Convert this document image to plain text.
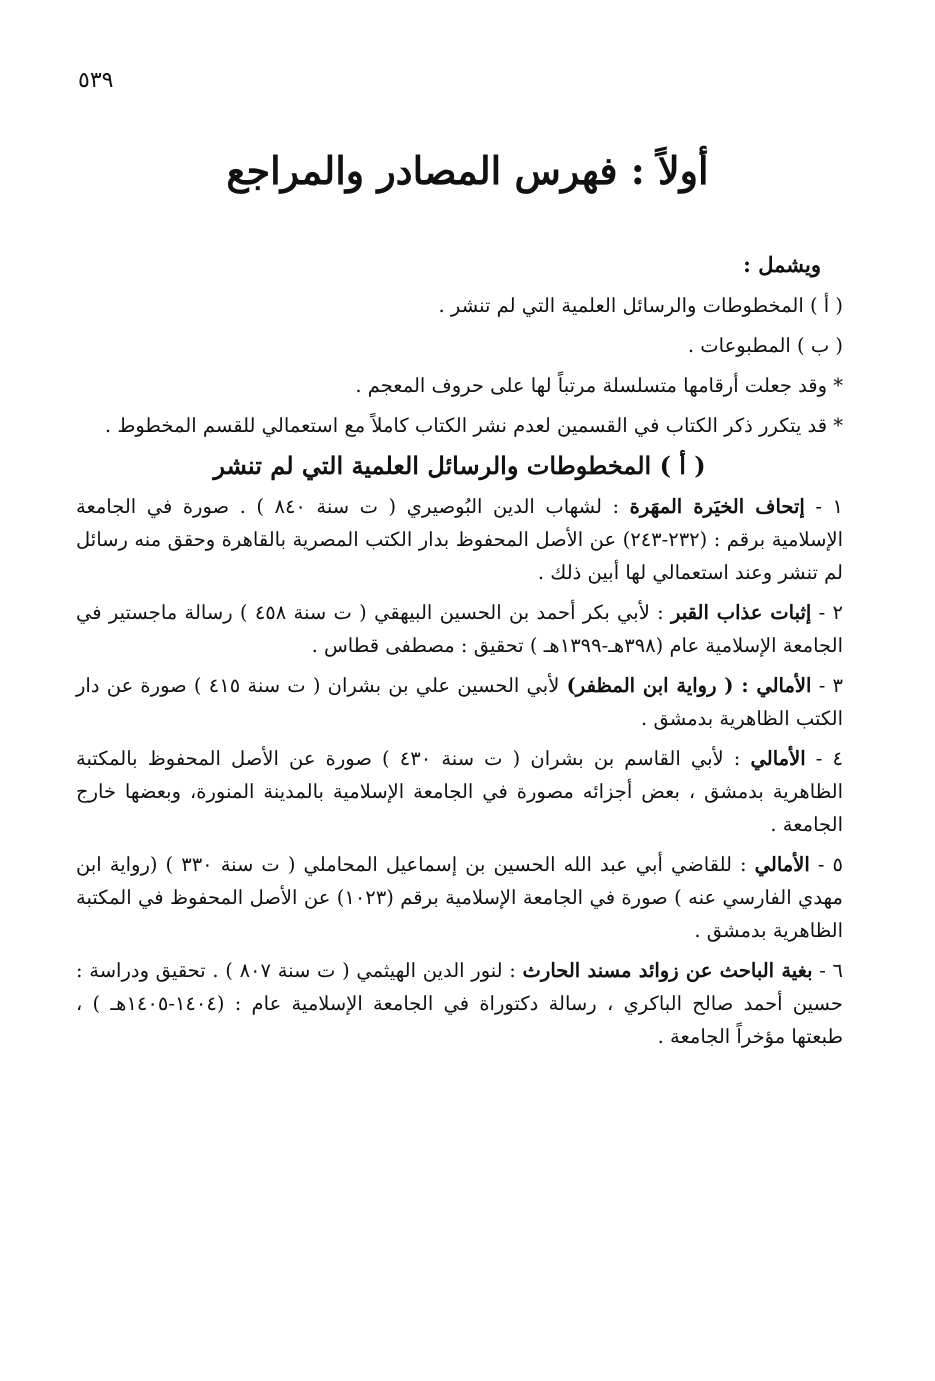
٥٣٩
أولاً : فهرس المصادر والمراجع

ويشمل :

( أ ) المخطوطات والرسائل العلمية التي لم تنشر .

( ب ) المطبوعات .

* وقد جعلت أرقامها متسلسلة مرتباً لها على حروف المعجم .

* قد يتكرر ذكر الكتاب في القسمين لعدم نشر الكتاب كاملاً مع استعمالي للقسم المخطوط .

( أ ) المخطوطات والرسائل العلمية التي لم تنشر

١ - إتحاف الخيَرة المهَرة : لشهاب الدين البُوصيري ( ت سنة ٨٤٠ ) . صورة في الجامعة الإسلامية برقم : (٢٣٢-٢٤٣) عن الأصل المحفوظ بدار الكتب المصرية بالقاهرة وحقق منه رسائل لم تنشر وعند استعمالي لها أبين ذلك .

٢ - إثبات عذاب القبر : لأبي بكر أحمد بن الحسين البيهقي ( ت سنة ٤٥٨ ) رسالة ماجستير في الجامعة الإسلامية عام (٣٩٨هـ-١٣٩٩هـ ) تحقيق : مصطفى قطاس .

٣ - الأمالي : ( رواية ابن المظفر) لأبي الحسين علي بن بشران ( ت سنة ٤١٥ ) صورة عن دار الكتب الظاهرية بدمشق .

٤ - الأمالي : لأبي القاسم بن بشران ( ت سنة ٤٣٠ ) صورة عن الأصل المحفوظ بالمكتبة الظاهرية بدمشق ، بعض أجزائه مصورة في الجامعة الإسلامية بالمدينة المنورة، وبعضها خارج الجامعة .

٥ - الأمالي : للقاضي أبي عبد الله الحسين بن إسماعيل المحاملي ( ت سنة ٣٣٠ ) (رواية ابن مهدي الفارسي عنه ) صورة في الجامعة الإسلامية برقم (١٠٢٣) عن الأصل المحفوظ في المكتبة الظاهرية بدمشق .

٦ - بغية الباحث عن زوائد مسند الحارث : لنور الدين الهيثمي ( ت سنة ٨٠٧ ) . تحقيق ودراسة : حسين أحمد صالح الباكري ، رسالة دكتوراة في الجامعة الإسلامية عام : (١٤٠٤-١٤٠٥هـ ) ، طبعتها مؤخراً الجامعة .
